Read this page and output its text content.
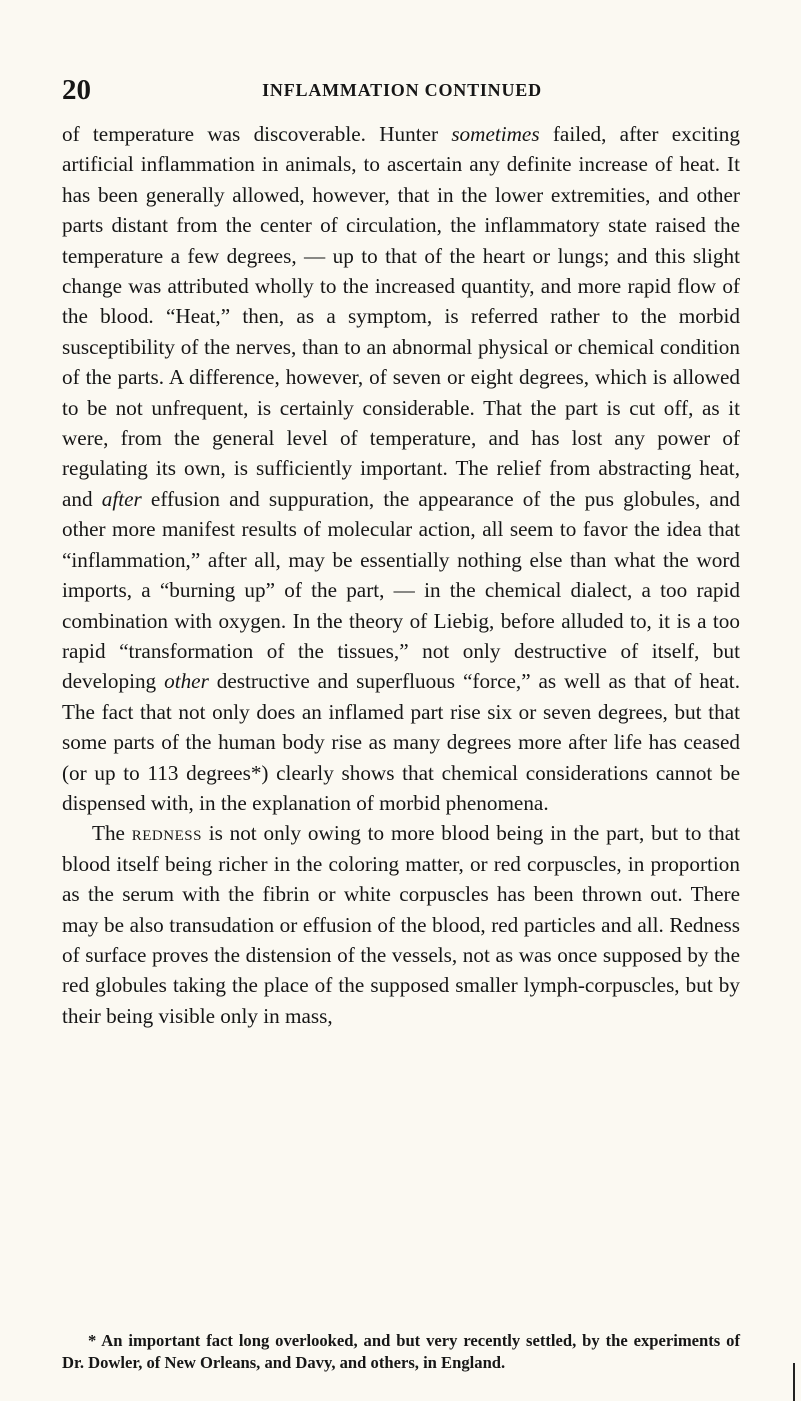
20	INFLAMMATION CONTINUED

of temperature was discoverable. Hunter sometimes failed, after exciting artificial inflammation in animals, to ascertain any definite increase of heat. It has been generally allowed, however, that in the lower extremities, and other parts distant from the center of circulation, the inflammatory state raised the temperature a few degrees, — up to that of the heart or lungs; and this slight change was attributed wholly to the increased quantity, and more rapid flow of the blood. “Heat,” then, as a symptom, is referred rather to the morbid susceptibility of the nerves, than to an abnormal physical or chemical condition of the parts. A difference, however, of seven or eight degrees, which is allowed to be not unfrequent, is certainly considerable. That the part is cut off, as it were, from the general level of temperature, and has lost any power of regulating its own, is sufficiently important. The relief from abstracting heat, and after effusion and suppuration, the appearance of the pus globules, and other more manifest results of molecular action, all seem to favor the idea that “inflammation,” after all, may be essentially nothing else than what the word imports, a “burning up” of the part, — in the chemical dialect, a too rapid combination with oxygen. In the theory of Liebig, before alluded to, it is a too rapid “transformation of the tissues,” not only destructive of itself, but developing other destructive and superfluous “force,” as well as that of heat. The fact that not only does an inflamed part rise six or seven degrees, but that some parts of the human body rise as many degrees more after life has ceased (or up to 113 degrees*) clearly shows that chemical considerations cannot be dispensed with, in the explanation of morbid phenomena.

The redness is not only owing to more blood being in the part, but to that blood itself being richer in the coloring matter, or red corpuscles, in proportion as the serum with the fibrin or white corpuscles has been thrown out. There may be also transudation or effusion of the blood, red particles and all. Redness of surface proves the distension of the vessels, not as was once supposed by the red globules taking the place of the supposed smaller lymph-corpuscles, but by their being visible only in mass,

* An important fact long overlooked, and but very recently settled, by the experiments of Dr. Dowler, of New Orleans, and Davy, and others, in England.
